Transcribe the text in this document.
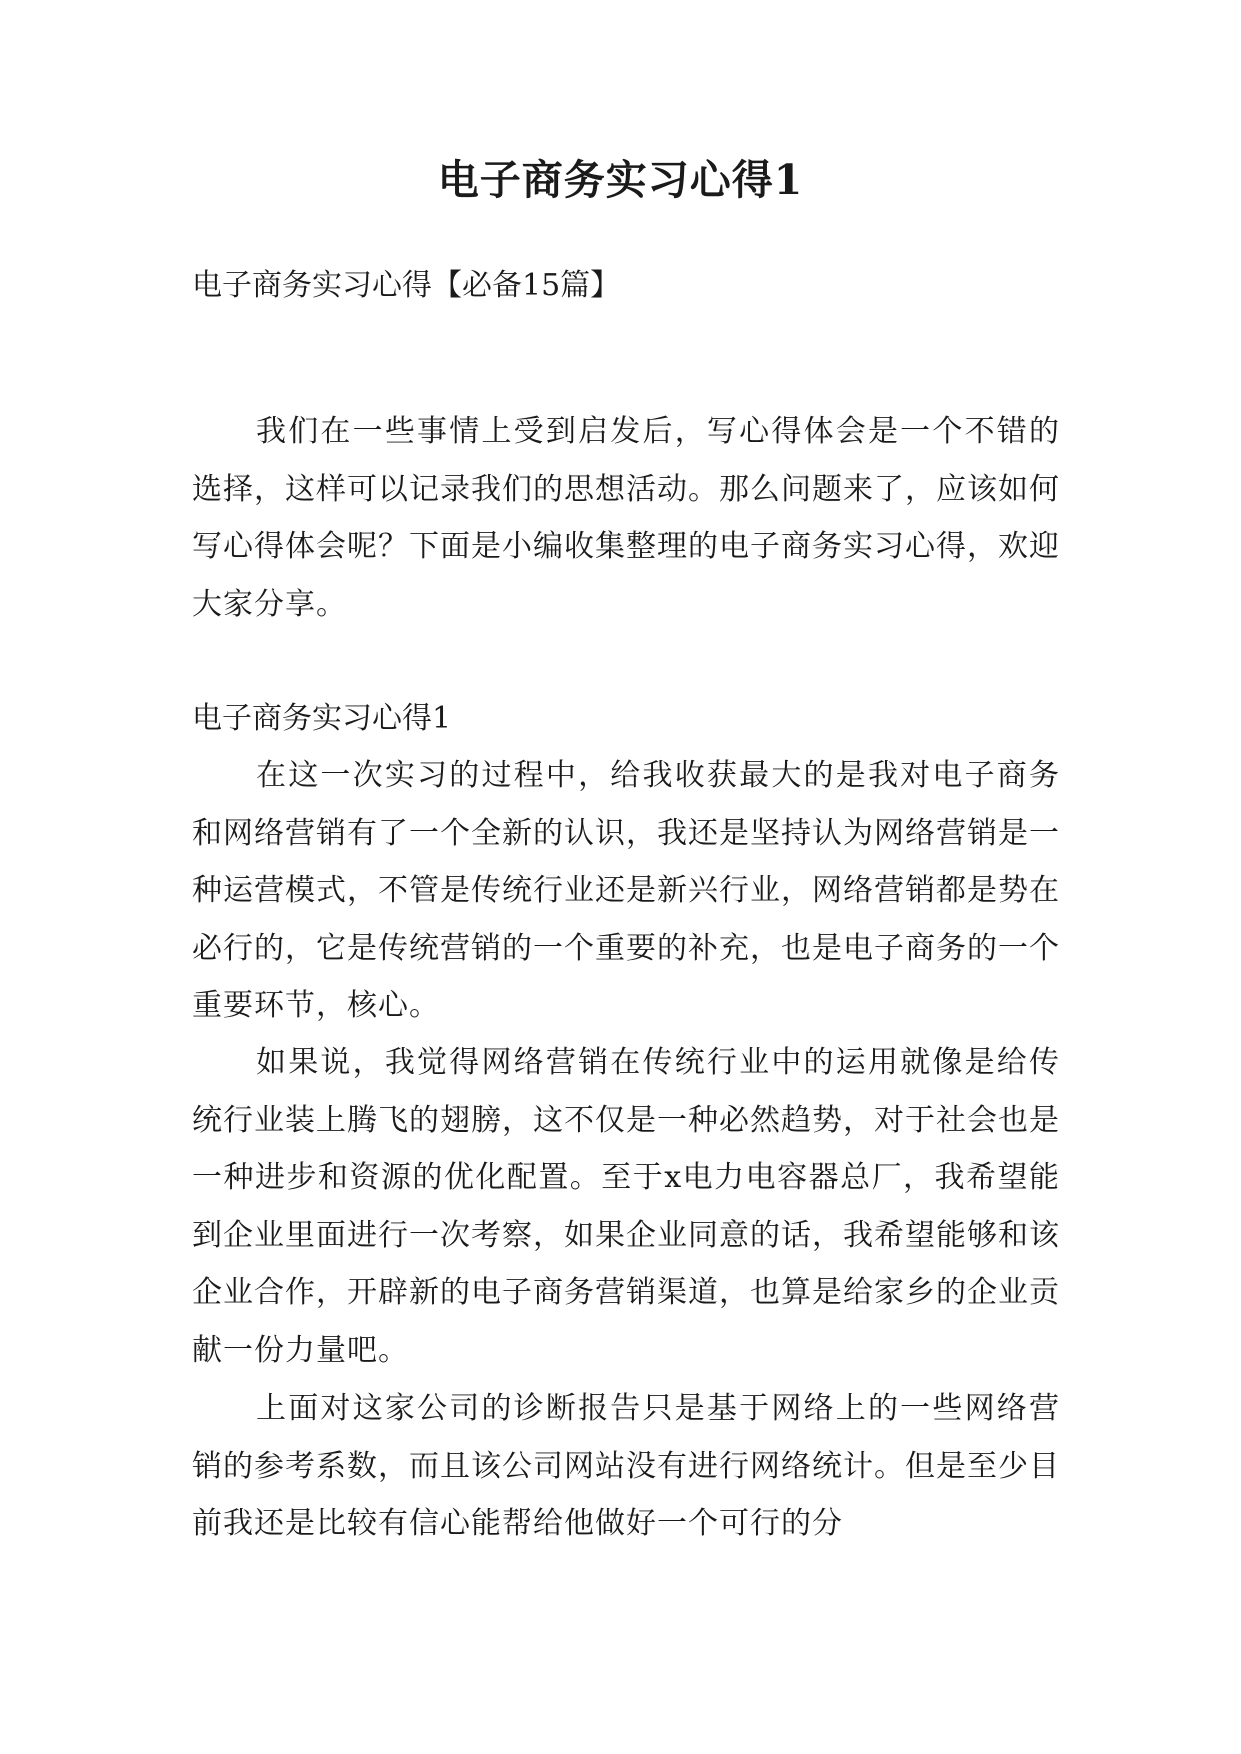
电子商务实习心得1

电子商务实习心得【必备15篇】

我们在一些事情上受到启发后，写心得体会是一个不错的选择，这样可以记录我们的思想活动。那么问题来了，应该如何写心得体会呢？下面是小编收集整理的电子商务实习心得，欢迎大家分享。

电子商务实习心得1

在这一次实习的过程中，给我收获最大的是我对电子商务和网络营销有了一个全新的认识，我还是坚持认为网络营销是一种运营模式，不管是传统行业还是新兴行业，网络营销都是势在必行的，它是传统营销的一个重要的补充，也是电子商务的一个重要环节，核心。

如果说，我觉得网络营销在传统行业中的运用就像是给传统行业装上腾飞的翅膀，这不仅是一种必然趋势，对于社会也是一种进步和资源的优化配置。至于x电力电容器总厂，我希望能到企业里面进行一次考察，如果企业同意的话，我希望能够和该企业合作，开辟新的电子商务营销渠道，也算是给家乡的企业贡献一份力量吧。

上面对这家公司的诊断报告只是基于网络上的一些网络营销的参考系数，而且该公司网站没有进行网络统计。但是至少目前我还是比较有信心能帮给他做好一个可行的分
